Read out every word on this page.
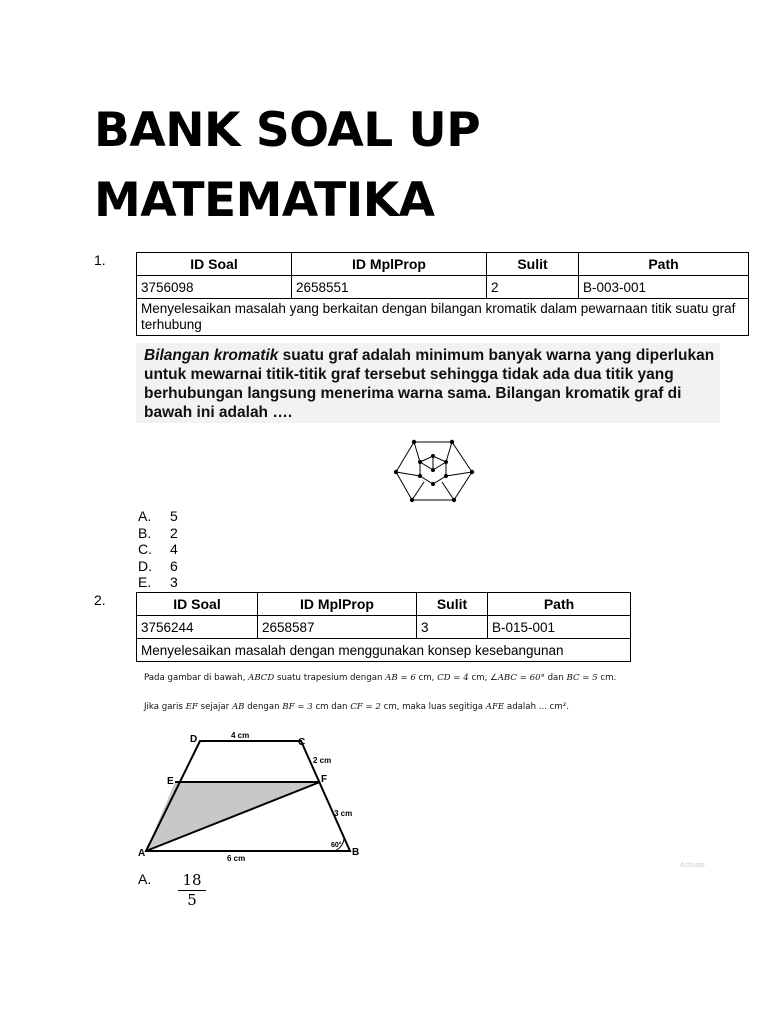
BANK SOAL UP
MATEMATIKA
1.	ID Soal	ID MplProp	Sulit	Path
3756098	2658551	2	B-003-001
Menyelesaikan masalah yang berkaitan dengan bilangan kromatik dalam pewarnaan titik suatu graf terhubung			
Bilangan kromatik suatu graf adalah minimum banyak warna yang diperlukan untuk mewarnai titik-titik graf tersebut sehingga tidak ada dua titik yang berhubungan langsung menerima warna sama. Bilangan kromatik graf di bawah ini adalah ….
A.	5
B.	2
C.	4
D.	6
E.	3
2.	ID Soal	ID MplProp	Sulit	Path
3756244	2658587	3	B-015-001
Menyelesaikan masalah dengan menggunakan konsep kesebangunan			
Pada gambar di bawah, ABCD suatu trapesium dengan AB = 6 cm, CD = 4 cm, ∠ABC = 60° dan BC = 5 cm.
Jika garis EF sejajar AB dengan BF = 3 cm dan CF = 2 cm, maka luas segitiga AFE adalah ... cm².
A	B
C
D
E	F
4 cm
2 cm
3 cm
6 cm
60°
Activate
A. $\frac{18}{5}$
